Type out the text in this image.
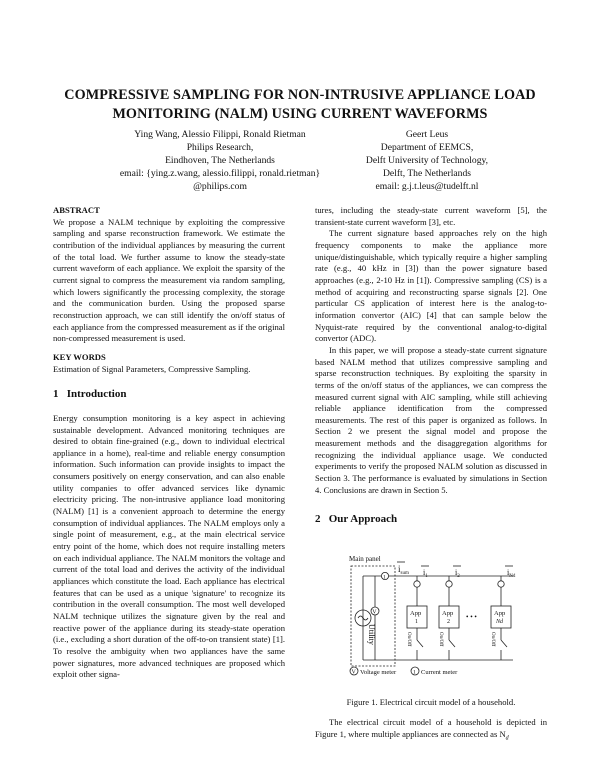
COMPRESSIVE SAMPLING FOR NON-INTRUSIVE APPLIANCE LOAD
MONITORING (NALM) USING CURRENT WAVEFORMS
Ying Wang, Alessio Filippi, Ronald Rietman
Philips Research,
Eindhoven, The Netherlands
email: {ying.z.wang, alessio.filippi, ronald.rietman}
@philips.com
Geert Leus
Department of EEMCS,
Delft University of Technology,
Delft, The Netherlands
email: g.j.t.leus@tudelft.nl

ABSTRACT

We propose a NALM technique by exploiting the compressive sampling and sparse reconstruction framework. We estimate the contribution of the individual appliances by measuring the current of the total load. We further assume to know the steady-state current waveform of each appliance. We exploit the sparsity of the current signal to compress the measurement via random sampling, which lowers significantly the processing complexity, the storage and the communication burden. Using the proposed sparse reconstruction approach, we can still identify the on/off status of each appliance from the compressed measurement as if the original non-compressed measurement is used.

KEY WORDS

Estimation of Signal Parameters, Compressive Sampling.

1 Introduction

Energy consumption monitoring is a key aspect in achieving sustainable development. Advanced monitoring techniques are desired to obtain fine-grained (e.g., down to individual electrical appliance in a home), real-time and reliable energy consumption information. Such information can provide insights to impact the consumers positively on energy conservation, and can also enable utility companies to offer advanced services like dynamic electricity pricing. The non-intrusive appliance load monitoring (NALM) [1] is a convenient approach to determine the energy consumption of individual appliances. The NALM employs only a single point of measurement, e.g., at the main electrical service entry point of the home, which does not require installing meters on each individual appliance. The NALM monitors the voltage and current of the total load and derives the activity of the individual appliances which constitute the load. Each appliance has electrical features that can be used as a unique 'signature' to recognize its contribution in the overall consumption. The most well developed NALM technique utilizes the signature given by the real and reactive power of the appliance during its steady-state operation (i.e., excluding a short duration of the off-to-on transient state) [1]. To resolve the ambiguity when two appliances have the same power signatures, more advanced techniques are proposed which exploit other signa-

tures, including the steady-state current waveform [5], the transient-state current waveform [3], etc.

The current signature based approaches rely on the high frequency components to make the appliance more unique/distinguishable, which typically require a higher sampling rate (e.g., 40 kHz in [3]) than the power signature based approaches (e.g., 2-10 Hz in [1]). Compressive sampling (CS) is a method of acquiring and reconstructing sparse signals [2]. One particular CS application of interest here is the analog-to-information convertor (AIC) [4] that can sample below the Nyquist-rate required by the conventional analog-to-digital convertor (ADC).

In this paper, we will propose a steady-state current signature based NALM method that utilizes compressive sampling and sparse reconstruction techniques. By exploiting the sparsity in terms of the on/off status of the appliances, we can compress the measured current signal with AIC sampling, while still achieving reliable appliance identification from the compressed measurements. The rest of this paper is organized as follows. In Section 2 we present the signal model and propose the measurement methods and the disaggregation algorithms for recognizing the individual appliance usage. We conducted experiments to verify the proposed NALM solution as discussed in Section 3. The performance is evaluated by simulations in Section 4. Conclusions are drawn in Section 5.

2 Our Approach

Main panel
Utility
V
1
$i_{sum}$ $i_1$	$i_2$	$i_{Nd}$
App
1
App
2
App
Nd
• • •
On/Off	On/Off	On/Off
V Voltage meter	1 Current meter
Figure 1. Electrical circuit model of a household.
The electrical circuit model of a household is depicted in Figure 1, where multiple appliances are connected as $N_d$
